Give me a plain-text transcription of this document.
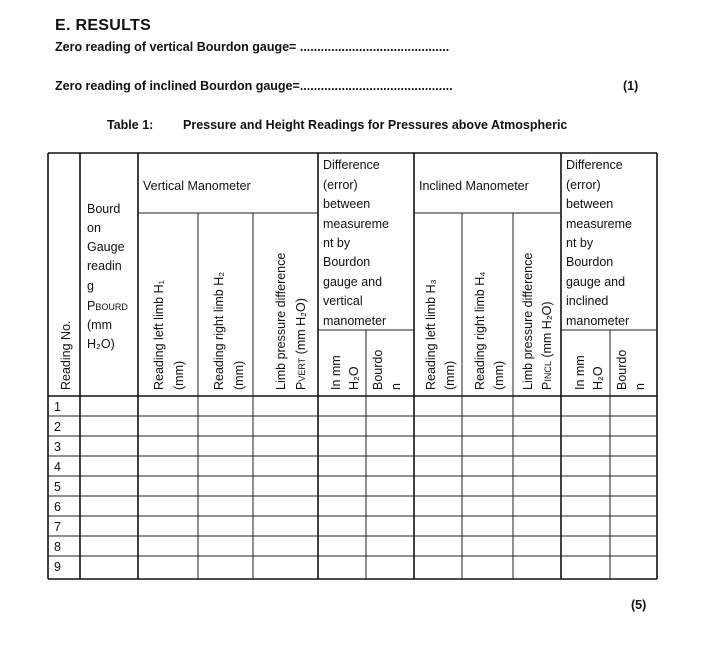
E. RESULTS
Zero reading of vertical Bourdon gauge= ...........................................
Zero reading of inclined Bourdon gauge=............................................	(1)
Table 1: Pressure and Height Readings for Pressures above Atmospheric
(5)
Reading No.
Bourd
on
Gauge
readin
g
PBOURD
(mm
H₂O)
Vertical Manometer
Reading left limb H₁ (mm) Reading right limb H₂ (mm) Limb pressure difference PVERT (mm H₂O)
Difference
(error)
between
measureme
nt by
Bourdon
gauge and
vertical
manometer
In mm H₂O Bourdo n
Inclined Manometer
Reading left limb H₃ (mm) Reading right limb H₄ (mm) Limb pressure difference PINCL (mm H₂O)
Difference
(error)
between
measureme
nt by
Bourdon
gauge and
inclined
manometer
In mm H₂O Bourdo n
1
2
3
4
5
6
7
8
9
